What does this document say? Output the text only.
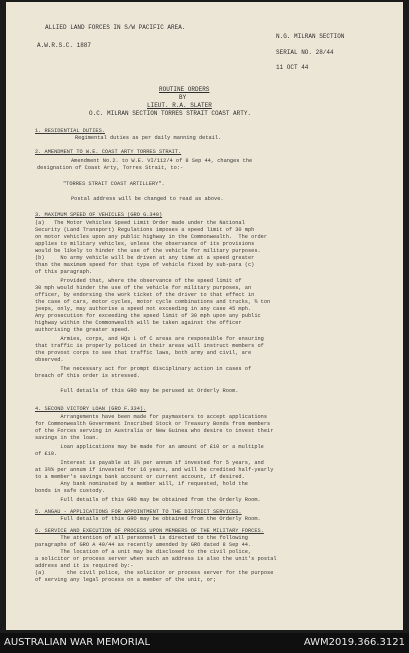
ALLIED LAND FORCES IN S/W PACIFIC AREA.
A.W.R.S.C. 1887
N.G. MILRAN SECTION
SERIAL NO. 28/44
11 OCT 44
ROUTINE ORDERS
BY
LIEUT. R.A. SLATER
O.C. MILRAN SECTION TORRES STRAIT COAST ARTY.
1. RESIDENTIAL DUTIES.
Regimental duties as per daily manning detail.
2. AMENDMENT TO W.E. COAST ARTY TORRES STRAIT.
Amendment No.2. to W.E. VI/112/4 of 8 Sep 44, changes the
designation of Coast Arty, Torres Strait, to:-
"TORRES STRAIT COAST ARTILLERY".
Postal address will be changed to read as above.
3. MAXIMUM SPEED OF VEHICLES (GRO G.340)
(a)   The Motor Vehicles Speed Limit Order made under the National
Security (Land Transport) Regulations imposes a speed limit of 30 mph
on motor vehicles upon any public highway in the Commonwealth.  The order
applies to military vehicles, unless the observance of its provisions
would be likely to hinder the use of the vehicle for military purposes.
(b)     No army vehicle will be driven at any time at a speed greater
than the maximum speed for that type of vehicle fixed by sub-para (c)
of this paragraph.
Provided that, where the observance of the speed limit of
30 mph would hinder the use of the vehicle for military purposes, an
officer, by endorsing the work ticket of the driver to that effect in
the case of cars, motor cycles, motor cycle combinations and trucks, ¾ ton
jeeps, only, may authorise a speed not exceeding in any case 45 mph.
Any prosecution for exceeding the speed limit of 30 mph upon any public
highway within the Commonwealth will be taken against the officer
authorising the greater speed.
Armies, corps, and HQs L of C areas are responsible for ensuring
that traffic is properly policed in their areas will instruct members of
the provost corps to see that traffic laws, both army and civil, are
observed.
The necessary act for prompt disciplinary action in cases of
breach of this order is stressed.
Full details of this GRO may be perused at Orderly Room.
4. SECOND VICTORY LOAN (GRO F.334).
Arrangements have been made for paymasters to accept applications
for Commonwealth Government Inscribed Stock or Treasury Bonds from members
of the Forces serving in Australia or New Guinea who desire to invest their
savings in the loan.
Loan applications may be made for an amount of £10 or a multiple
of £10.
Interest is payable at 3¼ per annum if invested for 5 years, and
at 3½% per annum if invested for 16 years, and will be credited half-yearly
to a member's savings bank account or current account, if desired.
Any bank nominated by a member will, if requested, hold the
bonds in safe custody.
Full details of this GRO may be obtained from the Orderly Room.
5. ANGAU - APPLICATIONS FOR APPOINTMENT TO THE DISTRICT SERVICES.
Full details of this GRO may be obtained from the Orderly Room.
6. SERVICE AND EXECUTION OF PROCESS UPON MEMBERS OF THE MILITARY FORCES.
The attention of all personnel is directed to the following
paragraphs of GRO A 40/44 as recently amended by GRO dated 8 Sep 44.
The location of a unit may be disclosed to the civil police,
a solicitor or process server when such an address is also the unit's postal
address and it is required by:-
(a)       the civil police, the solicitor or process server for the purpose
of serving any legal process on a member of the unit, or;
AUSTRALIAN WAR MEMORIAL	AWM2019.366.3121
